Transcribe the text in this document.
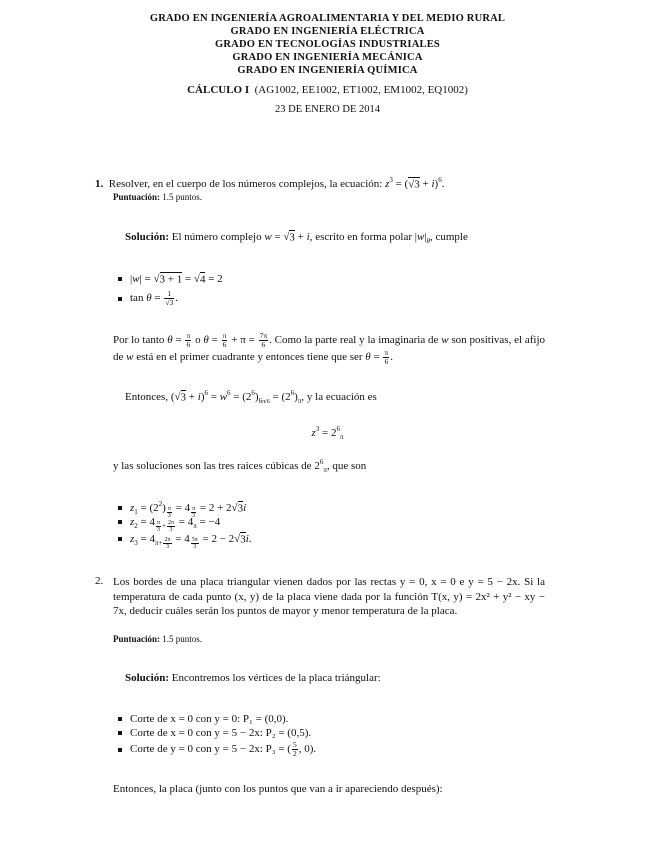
GRADO EN INGENIERÍA AGROALIMENTARIA Y DEL MEDIO RURAL
GRADO EN INGENIERÍA ELÉCTRICA
GRADO EN TECNOLOGÍAS INDUSTRIALES
GRADO EN INGENIERÍA MECÁNICA
GRADO EN INGENIERÍA QUÍMICA
CÁLCULO I (AG1002, EE1002, ET1002, EM1002, EQ1002)
23 DE ENERO DE 2014
1. Resolver, en el cuerpo de los números complejos, la ecuación: $z^3 = (√3 + i)^6$.
Puntuación: 1.5 puntos.
Solución: El número complejo w = √3 + i, escrito en forma polar $|w|_\theta$, cumple
|w| = √3 + 1 = √4 = 2
$\tan \theta = \frac{1}{√3}$ .
Por lo tanto $\theta = \frac{\pi}{6}$ o $\theta = \frac{\pi}{6} + \pi = \frac{7\pi}{6}$ . Como la parte real y la imaginaria de w son positivas, el afijo de w está en el primer cuadrante y entonces tiene que ser $\theta = \frac{\pi}{6}$ .
Entonces, $(√3 + i)^6 = w^6 = (2^6)_{6\pi/6} = (2^6)_\pi$, y la ecuación es
$z^3 = 2^6_\pi$
y las soluciones son las tres raíces cúbicas de $2^6_\pi$, que son
$z_1 = (2^2) _{\frac{\pi}{3}} = 4$ $_{\frac{\pi}{3}}$ = 2 + 2√3i
$z_2 = 4$ $_{\frac{\pi}{3} + \frac{2\pi}{3}} = 4_\pi = -4$
$z_3 = 4_{\pi+ \frac{2\pi}{3}} = 4$ $_{\frac{5\pi}{3}}$ = 2 − 2√3i.
2. Los bordes de una placa triangular vienen dados por las rectas y = 0, x = 0 e y = 5 − 2x. Si la temperatura de cada punto (x, y) de la placa viene dada por la función T(x, y) = 2x² + y² − xy − 7x, deducir cuáles serán los puntos de mayor y menor temperatura de la placa.
Puntuación: 1.5 puntos.
Solución: Encontremos los vértices de la placa triángular:
Corte de x = 0 con y = 0: P₁ = (0,0).
Corte de x = 0 con y = 5 − 2x: P₂ = (0,5).
Corte de y = 0 con y = 5 − 2x: P₃ = ( $\frac{5}{2}$ , 0).
Entonces, la placa (junto con los puntos que van a ir apareciendo después):
